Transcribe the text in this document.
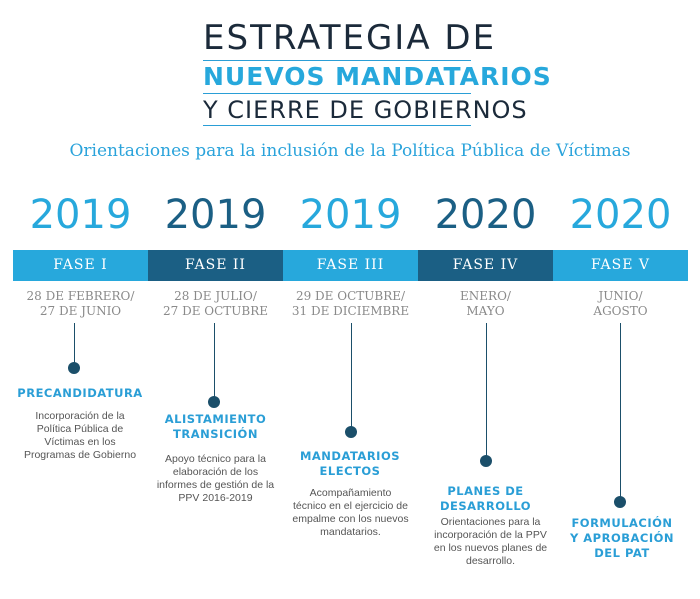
ESTRATEGIA DE
NUEVOS MANDATARIOS
Y CIERRE DE GOBIERNOS
Orientaciones para la inclusión de la Política Pública de Víctimas
2019
FASE I
28 DE FEBRERO/
27 DE JUNIO
PRECANDIDATURA
Incorporación de la
Política Pública de
Víctimas en los
Programas de Gobierno
2019
FASE II
28 DE JULIO/
27 DE OCTUBRE
ALISTAMIENTO
TRANSICIÓN
Apoyo técnico para la
elaboración de los
informes de gestión de la
PPV 2016-2019
2019
FASE III
29 DE OCTUBRE/
31 DE DICIEMBRE
MANDATARIOS
ELECTOS
Acompañamiento
técnico en el ejercicio de
empalme con los nuevos
mandatarios.
2020
FASE IV
ENERO/
MAYO
PLANES DE
DESARROLLO
Orientaciones para la
incorporación de la PPV
en los nuevos planes de
desarrollo.
2020
FASE V
JUNIO/
AGOSTO
FORMULACIÓN
Y APROBACIÓN
DEL PAT
